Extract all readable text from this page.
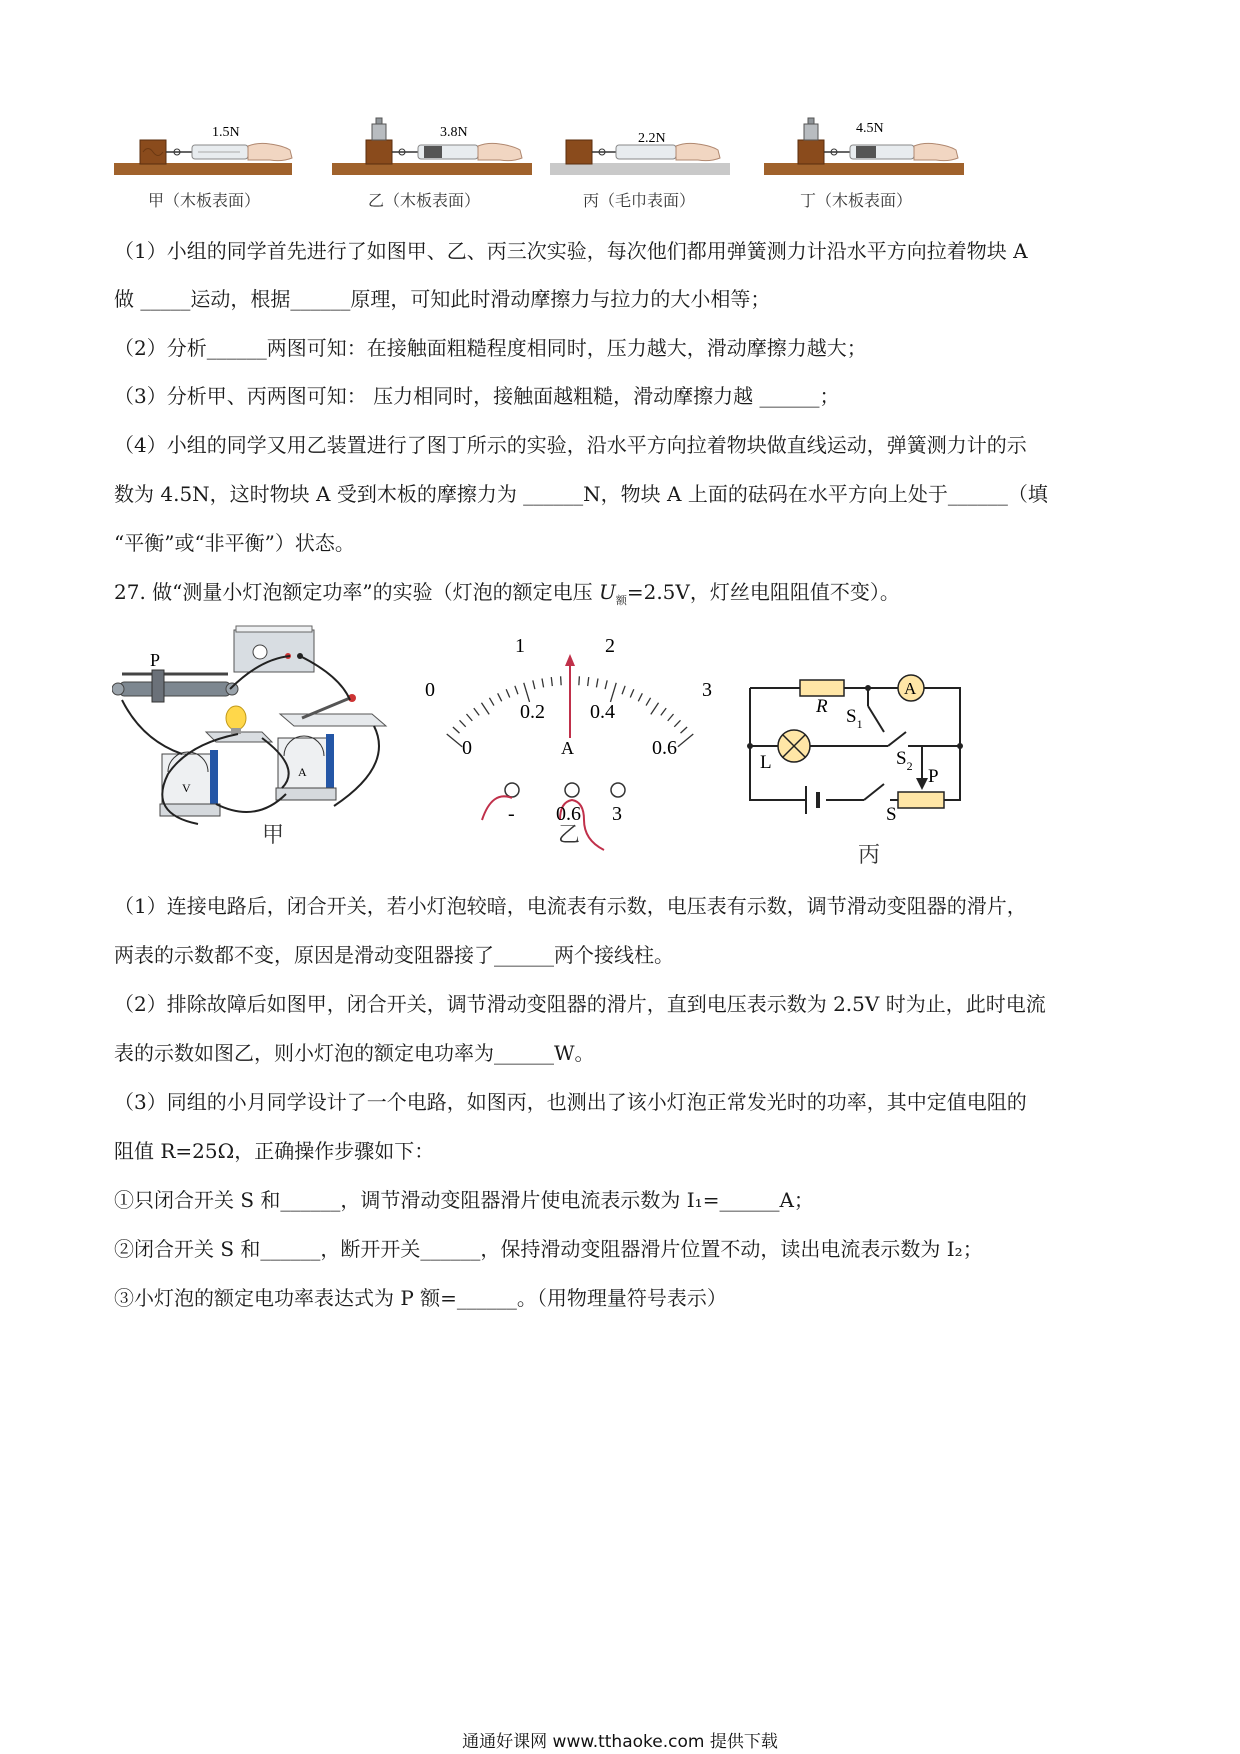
1.5N
甲（木板表面）
3.8N
乙（木板表面）
2.2N
丙（毛巾表面）
4.5N
丁（木板表面）
（1）小组的同学首先进行了如图甲、乙、丙三次实验，每次他们都用弹簧测力计沿水平方向拉着物块 A
做 _____运动，根据______原理，可知此时滑动摩擦力与拉力的大小相等；
（2）分析______两图可知：在接触面粗糙程度相同时，压力越大，滑动摩擦力越大；
（3）分析甲、丙两图可知： 压力相同时，接触面越粗糙，滑动摩擦力越 ______；
（4）小组的同学又用乙装置进行了图丁所示的实验，沿水平方向拉着物块做直线运动，弹簧测力计的示
数为 4.5N，这时物块 A 受到木板的摩擦力为 ______N，物块 A 上面的砝码在水平方向上处于______（填
“平衡”或“非平衡”）状态。
27. 做“测量小灯泡额定功率”的实验（灯泡的额定电压 $U_额=2.5V$，灯丝电阻阻值不变）。
P
V
A
甲
0
1	2
3
0
0.2 0.4
0.6
A
- 0.6 3
乙
A
R $S_1$
L	$S_2$ P
S
丙
（1）连接电路后，闭合开关，若小灯泡较暗，电流表有示数，电压表有示数，调节滑动变阻器的滑片，
两表的示数都不变，原因是滑动变阻器接了______两个接线柱。
（2）排除故障后如图甲，闭合开关，调节滑动变阻器的滑片，直到电压表示数为 2.5V 时为止，此时电流
表的示数如图乙，则小灯泡的额定电功率为______W。
（3）同组的小月同学设计了一个电路，如图丙，也测出了该小灯泡正常发光时的功率，其中定值电阻的
阻值 R=25Ω，正确操作步骤如下：
①只闭合开关 S 和______，调节滑动变阻器滑片使电流表示数为 I₁=______A；
②闭合开关 S 和______，断开开关______，保持滑动变阻器滑片位置不动，读出电流表示数为 I₂；
③小灯泡的额定电功率表达式为 P 额=______。（用物理量符号表示）
通通好课网 www.tthaoke.com 提供下载
